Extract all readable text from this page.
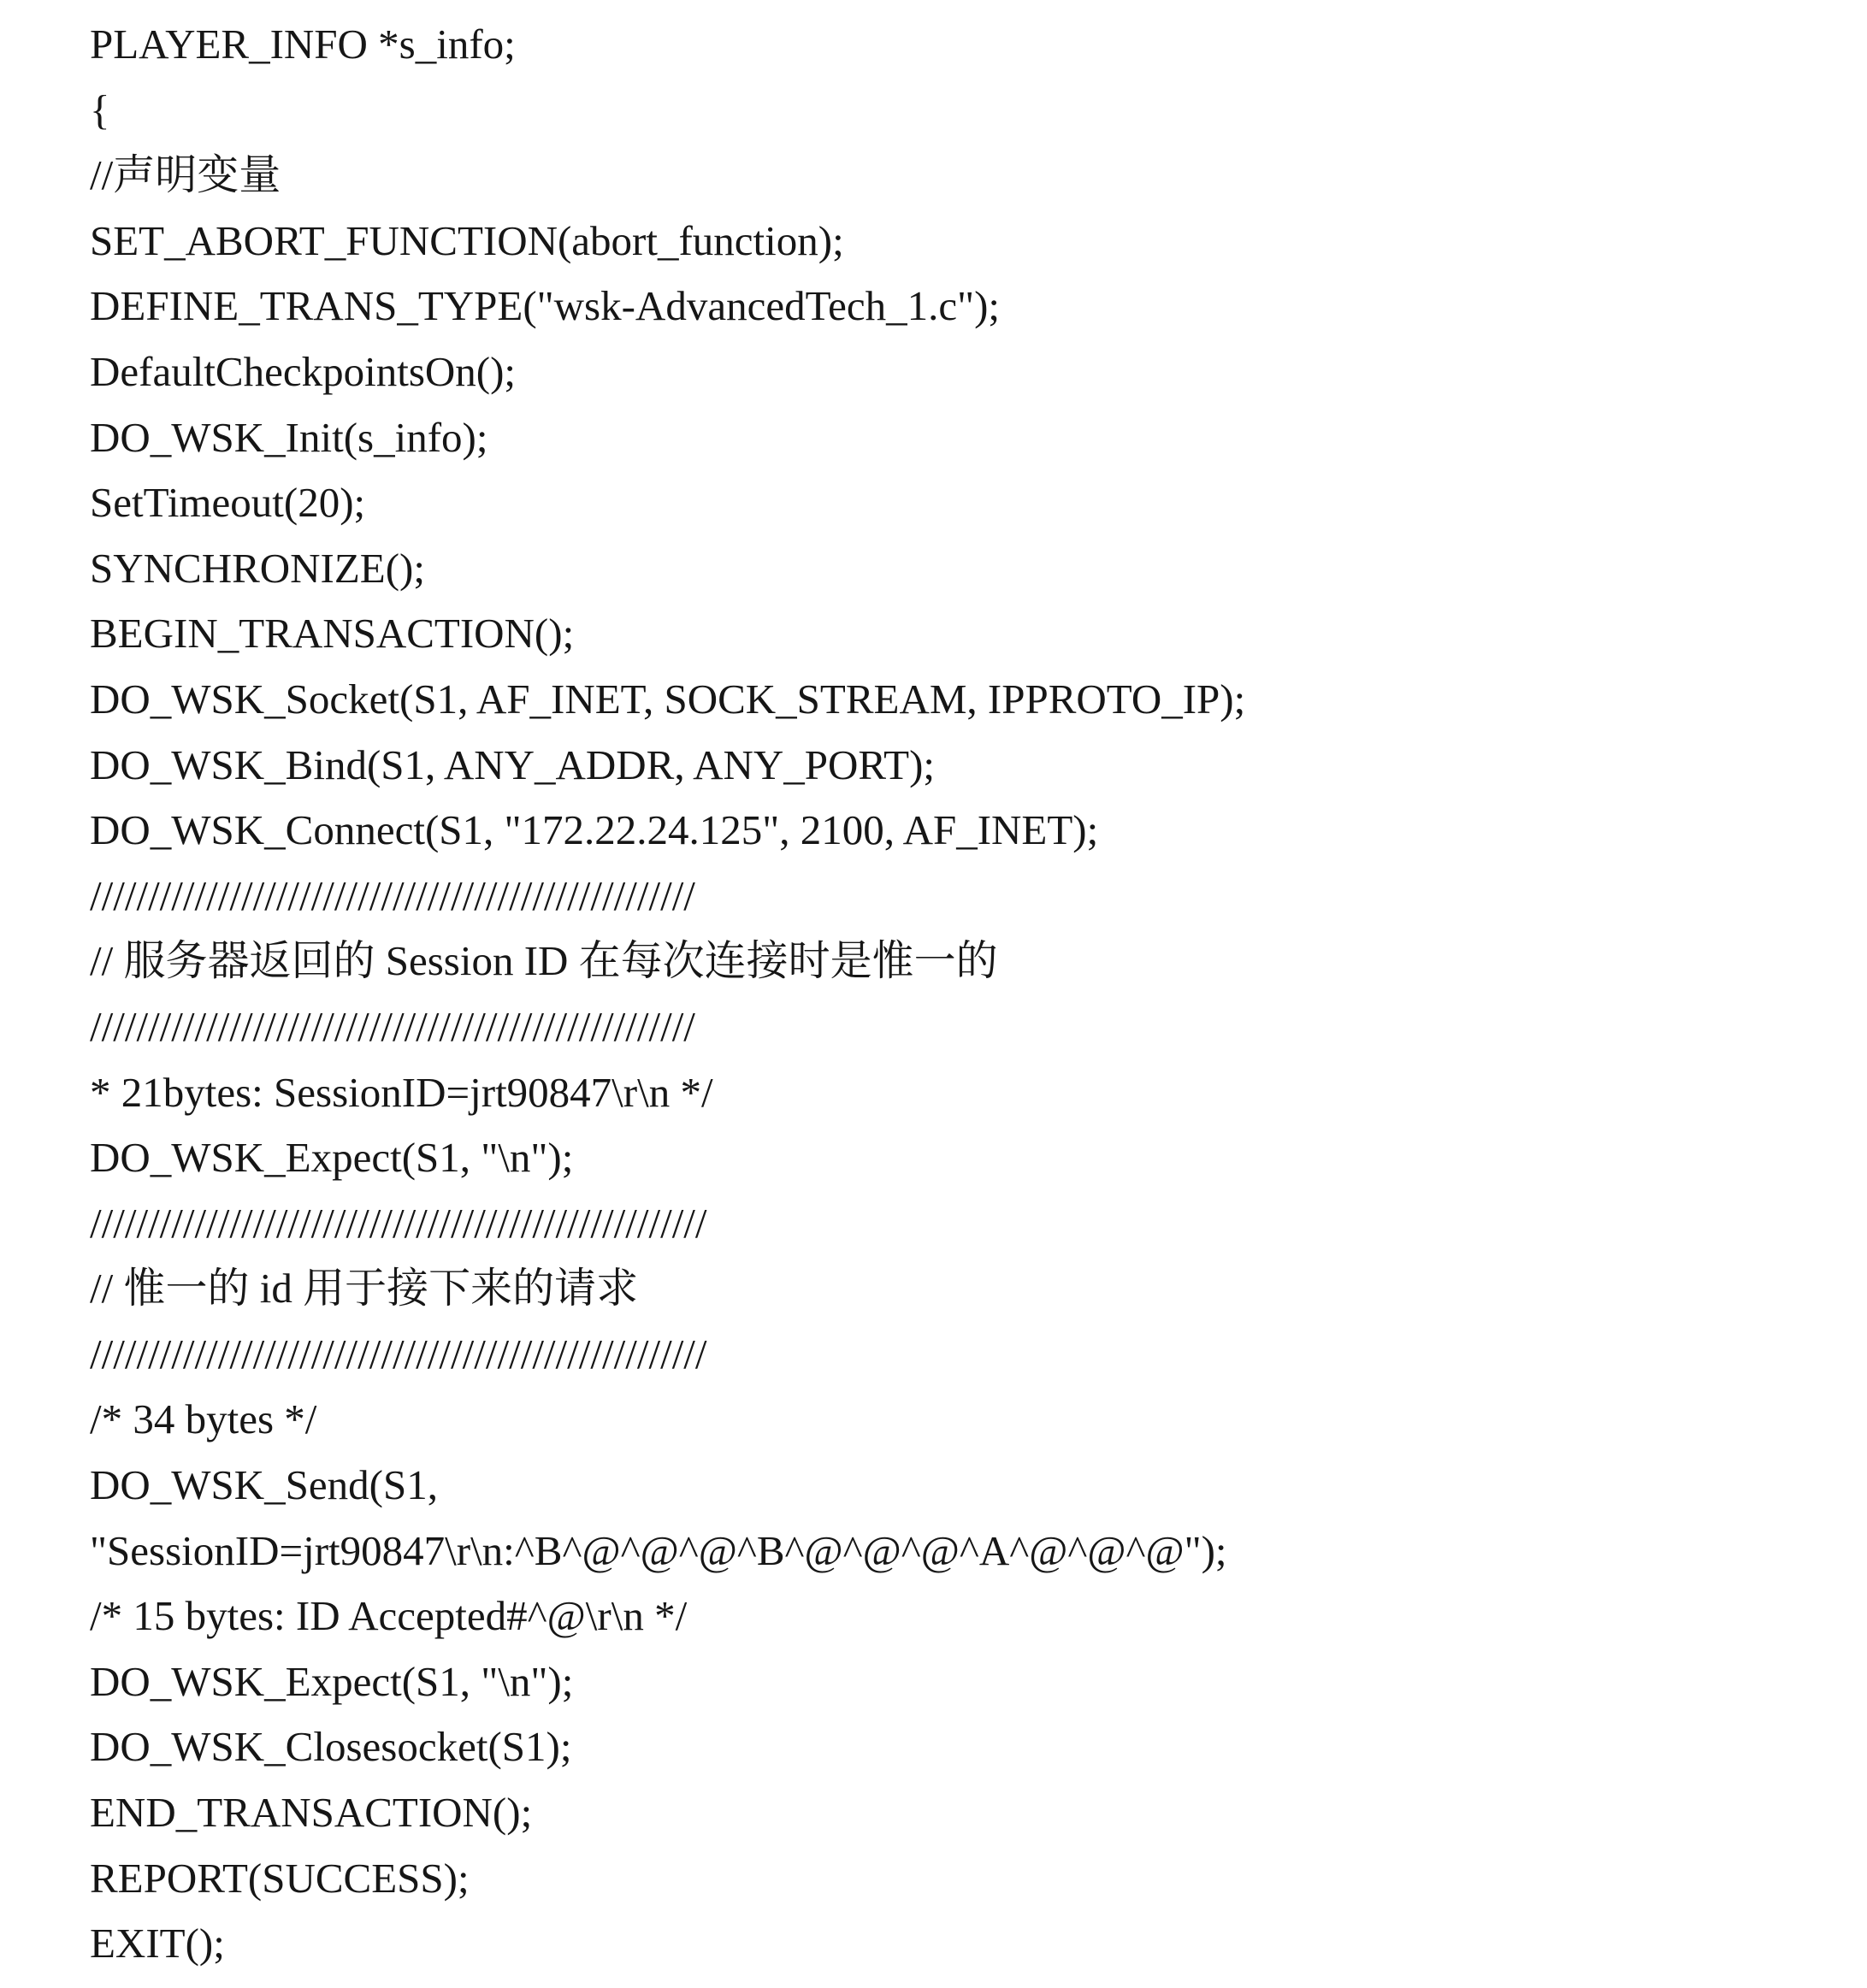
PLAYER_INFO *s_info;
{
//声明变量
SET_ABORT_FUNCTION(abort_function);
DEFINE_TRANS_TYPE("wsk-AdvancedTech_1.c");
DefaultCheckpointsOn();
DO_WSK_Init(s_info);
SetTimeout(20);
SYNCHRONIZE();
BEGIN_TRANSACTION();
DO_WSK_Socket(S1, AF_INET, SOCK_STREAM, IPPROTO_IP);
DO_WSK_Bind(S1, ANY_ADDR, ANY_PORT);
DO_WSK_Connect(S1, "172.22.24.125", 2100, AF_INET);
////////////////////////////////////////////////////
// 服务器返回的 Session ID 在每次连接时是惟一的
////////////////////////////////////////////////////
* 21bytes: SessionID=jrt90847\r\n */
DO_WSK_Expect(S1, "\n");
/////////////////////////////////////////////////////
// 惟一的 id 用于接下来的请求
/////////////////////////////////////////////////////
/* 34 bytes */
DO_WSK_Send(S1,
"SessionID=jrt90847\r\n:^B^@^@^@^B^@^@^@^A^@^@^@");
/* 15 bytes: ID Accepted#^@\r\n */
DO_WSK_Expect(S1, "\n");
DO_WSK_Closesocket(S1);
END_TRANSACTION();
REPORT(SUCCESS);
EXIT();
